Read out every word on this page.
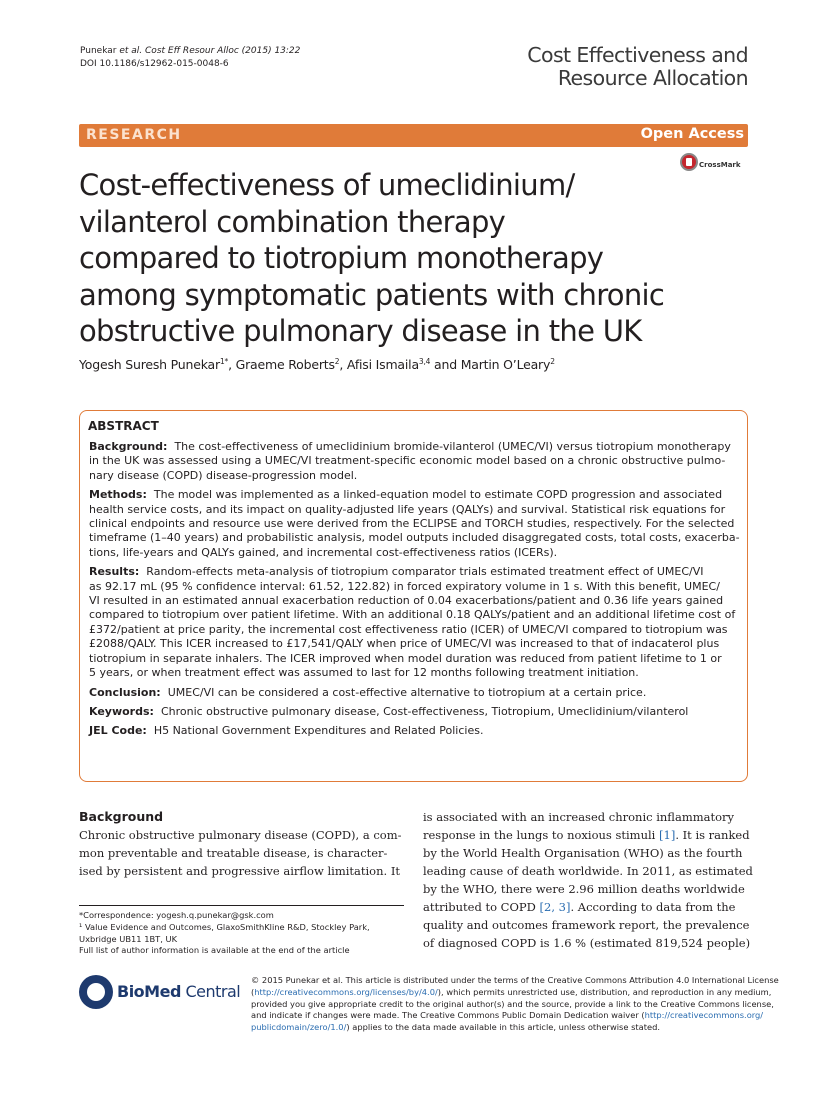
Punekar et al. Cost Eff Resour Alloc (2015) 13:22
DOI 10.1186/s12962-015-0048-6	Cost Effectiveness and
Resource Allocation
RESEARCH	Open Access
CrossMark
Cost-effectiveness of umeclidinium/
vilanterol combination therapy
compared to tiotropium monotherapy
among symptomatic patients with chronic
obstructive pulmonary disease in the UK
Yogesh Suresh Punekar$^{1*}$, Graeme Roberts$^2$, Afisi Ismaila$^{3,4}$ and Martin O’Leary$^2$
ABSTRACT

Background: The cost-effectiveness of umeclidinium bromide-vilanterol (UMEC/VI) versus tiotropium monotherapy
in the UK was assessed using a UMEC/VI treatment-specific economic model based on a chronic obstructive pulmo-
nary disease (COPD) disease-progression model.

Methods: The model was implemented as a linked-equation model to estimate COPD progression and associated
health service costs, and its impact on quality-adjusted life years (QALYs) and survival. Statistical risk equations for
clinical endpoints and resource use were derived from the ECLIPSE and TORCH studies, respectively. For the selected
timeframe (1–40 years) and probabilistic analysis, model outputs included disaggregated costs, total costs, exacerba-
tions, life-years and QALYs gained, and incremental cost-effectiveness ratios (ICERs).

Results: Random-effects meta-analysis of tiotropium comparator trials estimated treatment effect of UMEC/VI
as 92.17 mL (95 % confidence interval: 61.52, 122.82) in forced expiratory volume in 1 s. With this benefit, UMEC/
VI resulted in an estimated annual exacerbation reduction of 0.04 exacerbations/patient and 0.36 life years gained
compared to tiotropium over patient lifetime. With an additional 0.18 QALYs/patient and an additional lifetime cost of
£372/patient at price parity, the incremental cost effectiveness ratio (ICER) of UMEC/VI compared to tiotropium was
£2088/QALY. This ICER increased to £17,541/QALY when price of UMEC/VI was increased to that of indacaterol plus
tiotropium in separate inhalers. The ICER improved when model duration was reduced from patient lifetime to 1 or
5 years, or when treatment effect was assumed to last for 12 months following treatment initiation.

Conclusion: UMEC/VI can be considered a cost-effective alternative to tiotropium at a certain price.

Keywords: Chronic obstructive pulmonary disease, Cost-effectiveness, Tiotropium, Umeclidinium/vilanterol

JEL Code: H5 National Government Expenditures and Related Policies.

Background
Chronic obstructive pulmonary disease (COPD), a com-
mon preventable and treatable disease, is character-
ised by persistent and progressive airflow limitation. It
is associated with an increased chronic inflammatory
response in the lungs to noxious stimuli [1]. It is ranked
by the World Health Organisation (WHO) as the fourth
leading cause of death worldwide. In 2011, as estimated
by the WHO, there were 2.96 million deaths worldwide
attributed to COPD [2, 3]. According to data from the
quality and outcomes framework report, the prevalence
of diagnosed COPD is 1.6 % (estimated 819,524 people)
*Correspondence: yogesh.q.punekar@gsk.com
¹ Value Evidence and Outcomes, GlaxoSmithKline R&D, Stockley Park,
Uxbridge UB11 1BT, UK
Full list of author information is available at the end of the article
BioMed Central
© 2015 Punekar et al. This article is distributed under the terms of the Creative Commons Attribution 4.0 International License
(http://creativecommons.org/licenses/by/4.0/), which permits unrestricted use, distribution, and reproduction in any medium,
provided you give appropriate credit to the original author(s) and the source, provide a link to the Creative Commons license,
and indicate if changes were made. The Creative Commons Public Domain Dedication waiver (http://creativecommons.org/
publicdomain/zero/1.0/) applies to the data made available in this article, unless otherwise stated.
